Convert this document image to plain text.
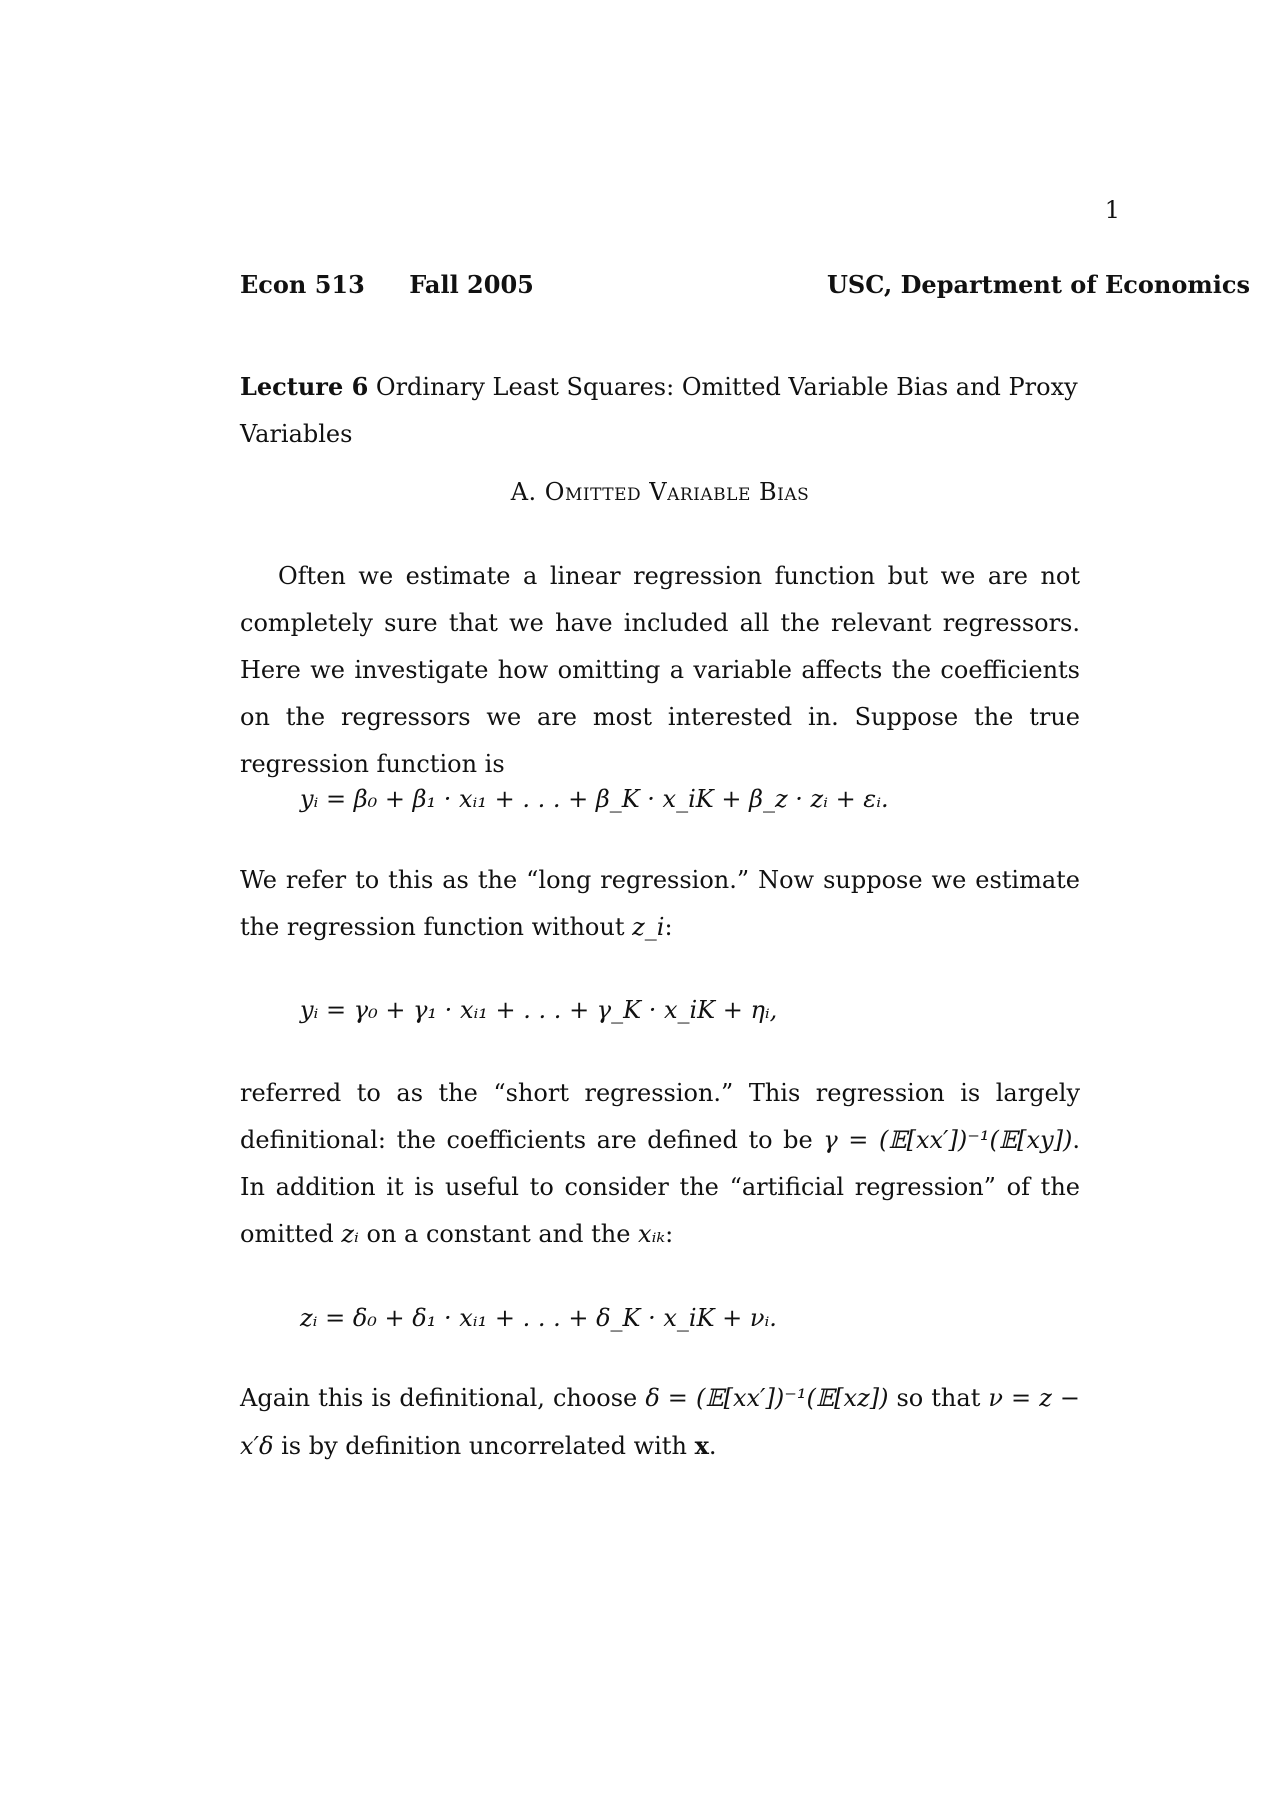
1
Econ 513 Fall 2005	USC, Department of Economics
Lecture 6 Ordinary Least Squares: Omitted Variable Bias and Proxy Variables
A. Omitted Variable Bias
Often we estimate a linear regression function but we are not completely sure that we have included all the relevant regressors. Here we investigate how omitting a variable affects the coefficients on the regressors we are most interested in. Suppose the true regression function is
yᵢ = β₀ + β₁ · xᵢ₁ + . . . + β_K · x_iK + β_z · zᵢ + εᵢ.
We refer to this as the “long regression.” Now suppose we estimate the regression function without z_i:
yᵢ = γ₀ + γ₁ · xᵢ₁ + . . . + γ_K · x_iK + ηᵢ,
referred to as the “short regression.” This regression is largely definitional: the coefficients are defined to be γ = (𝔼[xx′])⁻¹(𝔼[xy]). In addition it is useful to consider the “artificial regression” of the omitted zᵢ on a constant and the xᵢₖ:
zᵢ = δ₀ + δ₁ · xᵢ₁ + . . . + δ_K · x_iK + νᵢ.
Again this is definitional, choose δ = (𝔼[xx′])⁻¹(𝔼[xz]) so that ν = z − x′δ is by definition uncorrelated with x.
